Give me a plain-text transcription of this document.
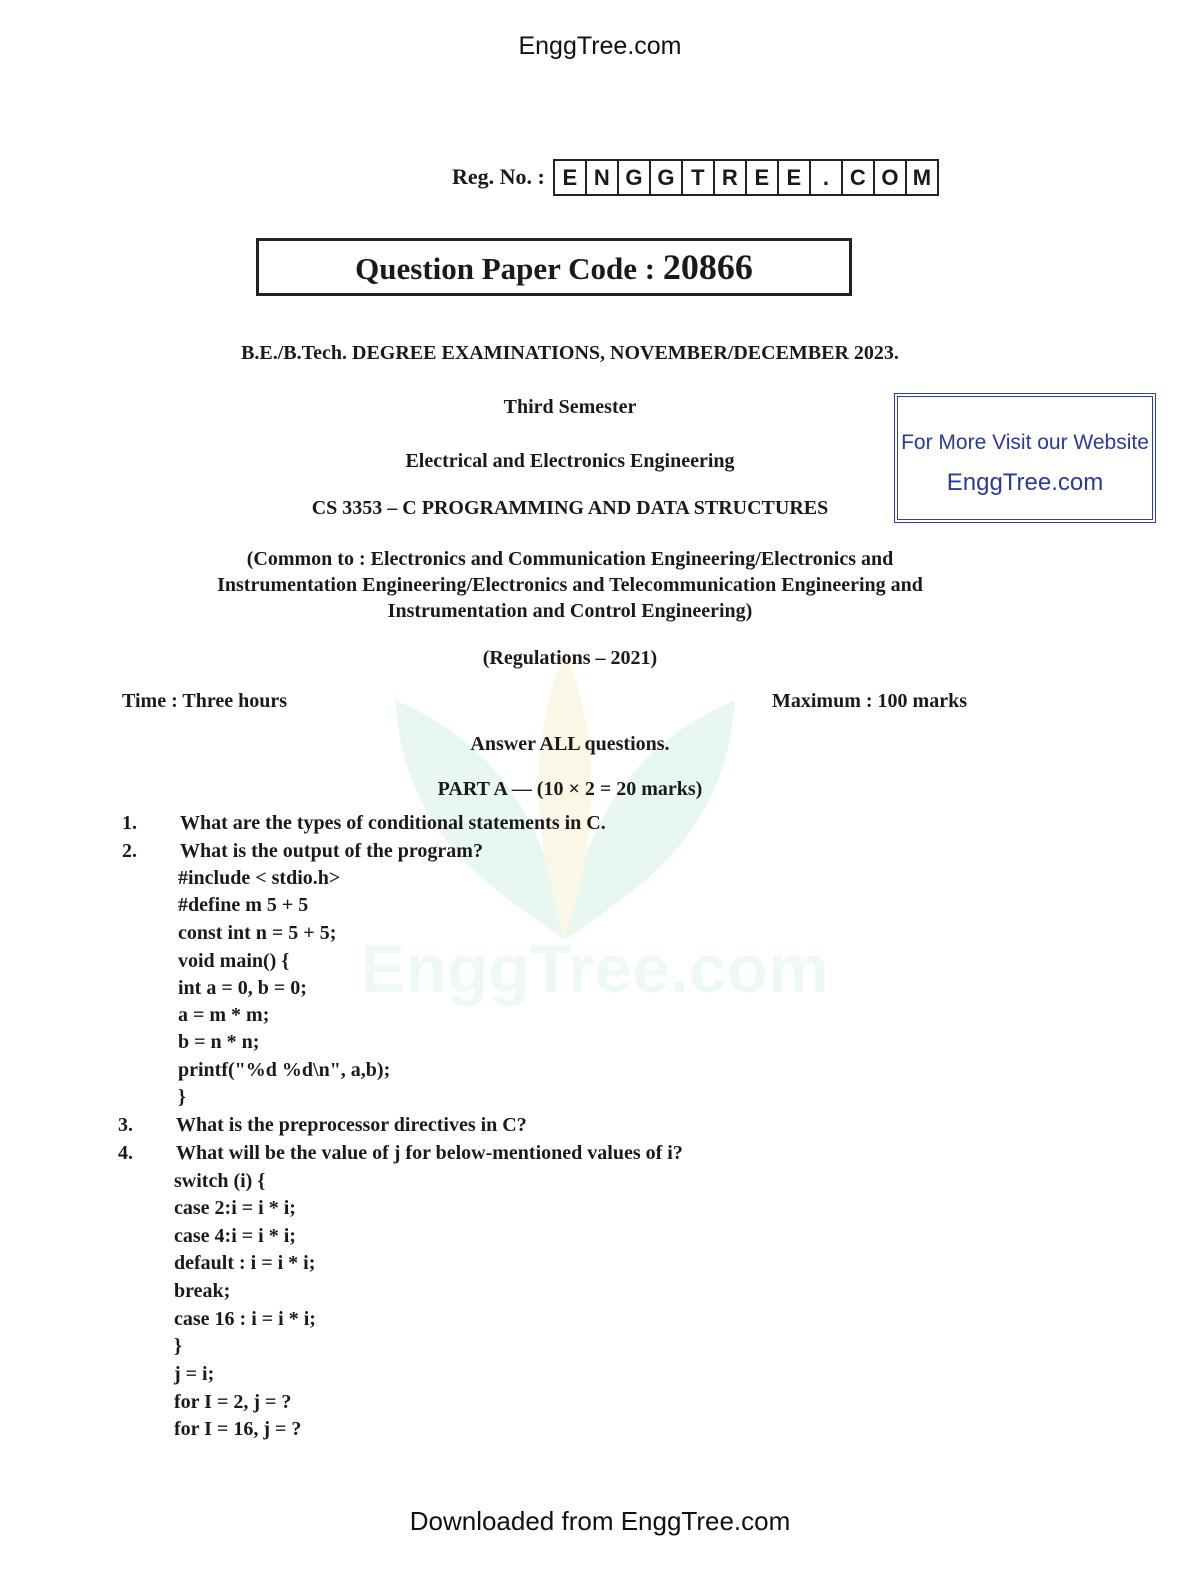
EnggTree.com
EnggTree.com
Reg. No. : E N G G T R E E . C O M
Question Paper Code : 20866
B.E./B.Tech. DEGREE EXAMINATIONS, NOVEMBER/DECEMBER 2023.
Third Semester
Electrical and Electronics Engineering
CS 3353 – C PROGRAMMING AND DATA STRUCTURES
For More Visit our Website
EnggTree.com
(Common to : Electronics and Communication Engineering/Electronics and
Instrumentation Engineering/Electronics and Telecommunication Engineering and
Instrumentation and Control Engineering)
(Regulations – 2021)
Time : Three hours	Maximum : 100 marks
Answer ALL questions.
PART A — (10 × 2 = 20 marks)
1. What are the types of conditional statements in C.
2. What is the output of the program?
#include < stdio.h>
#define m 5 + 5
const int n = 5 + 5;
void main() {
int a = 0, b = 0;
a = m * m;
b = n * n;
printf("%d %d\n", a,b);
}
3. What is the preprocessor directives in C?
4. What will be the value of j for below-mentioned values of i?
switch (i) {
case 2:i = i * i;
case 4:i = i * i;
default : i = i * i;
break;
case 16 : i = i * i;
}
j = i;
for I = 2, j = ?
for I = 16, j = ?
Downloaded from EnggTree.com
